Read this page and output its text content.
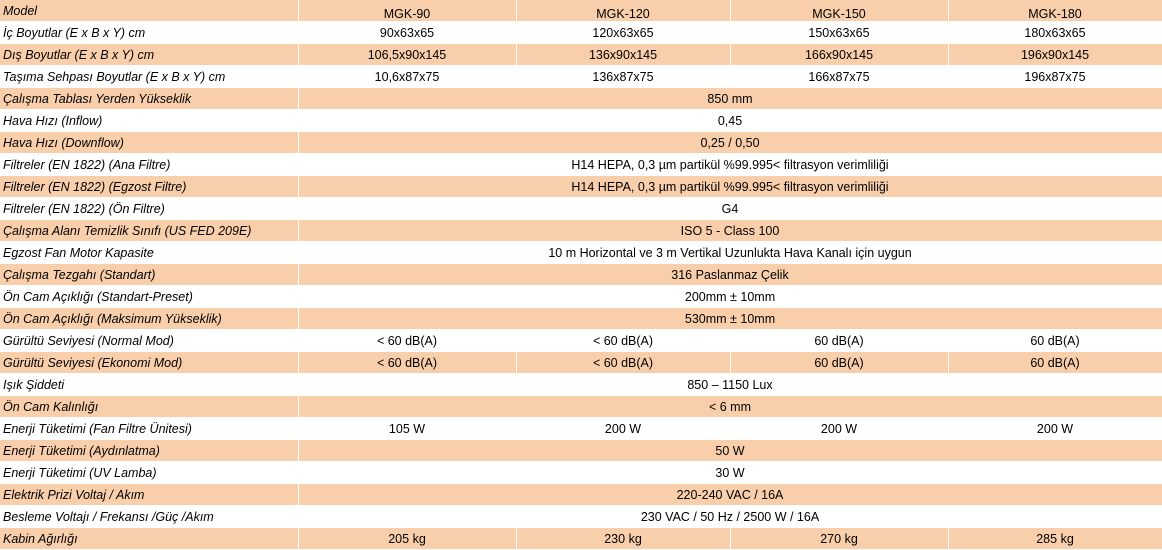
Model	MGK-90	MGK-120	MGK-150	MGK-180
İç Boyutlar (E x B x Y) cm	90x63x65	120x63x65	150x63x65	180x63x65
Dış Boyutlar (E x B x Y) cm	106,5x90x145	136x90x145	166x90x145	196x90x145
Taşıma Sehpası Boyutlar (E x B x Y) cm	10,6x87x75	136x87x75	166x87x75	196x87x75
Çalışma Tablası Yerden Yükseklik	850 mm			
Hava Hızı (Inflow)	0,45			
Hava Hızı (Downflow)	0,25 / 0,50			
Filtreler (EN 1822) (Ana Filtre)	H14 HEPA, 0,3 µm partikül %99.995< filtrasyon verimliliği			
Filtreler (EN 1822) (Egzost Filtre)	H14 HEPA, 0,3 µm partikül %99.995< filtrasyon verimliliği			
Filtreler (EN 1822) (Ön Filtre)	G4			
Çalışma Alanı Temizlik Sınıfı (US FED 209E)	ISO 5 - Class 100			
Egzost Fan Motor Kapasite	10 m Horizontal ve 3 m Vertikal Uzunlukta Hava Kanalı için uygun			
Çalışma Tezgahı (Standart)	316 Paslanmaz Çelik			
Ön Cam Açıklığı (Standart-Preset)	200mm ± 10mm			
Ön Cam Açıklığı (Maksimum Yükseklik)	530mm ± 10mm			
Gürültü Seviyesi (Normal Mod)	< 60 dB(A)	< 60 dB(A)	60 dB(A)	60 dB(A)
Gürültü Seviyesi (Ekonomi Mod)	< 60 dB(A)	< 60 dB(A)	60 dB(A)	60 dB(A)
Işık Şiddeti	850 – 1150 Lux			
Ön Cam Kalınlığı	< 6 mm			
Enerji Tüketimi (Fan Filtre Ünitesi)	105 W	200 W	200 W	200 W
Enerji Tüketimi (Aydınlatma)	50 W			
Enerji Tüketimi (UV Lamba)	30 W			
Elektrik Prizi Voltaj / Akım	220-240 VAC / 16A			
Besleme Voltajı / Frekansı /Güç /Akım	230 VAC / 50 Hz / 2500 W / 16A			
Kabin Ağırlığı	205 kg	230 kg	270 kg	285 kg
